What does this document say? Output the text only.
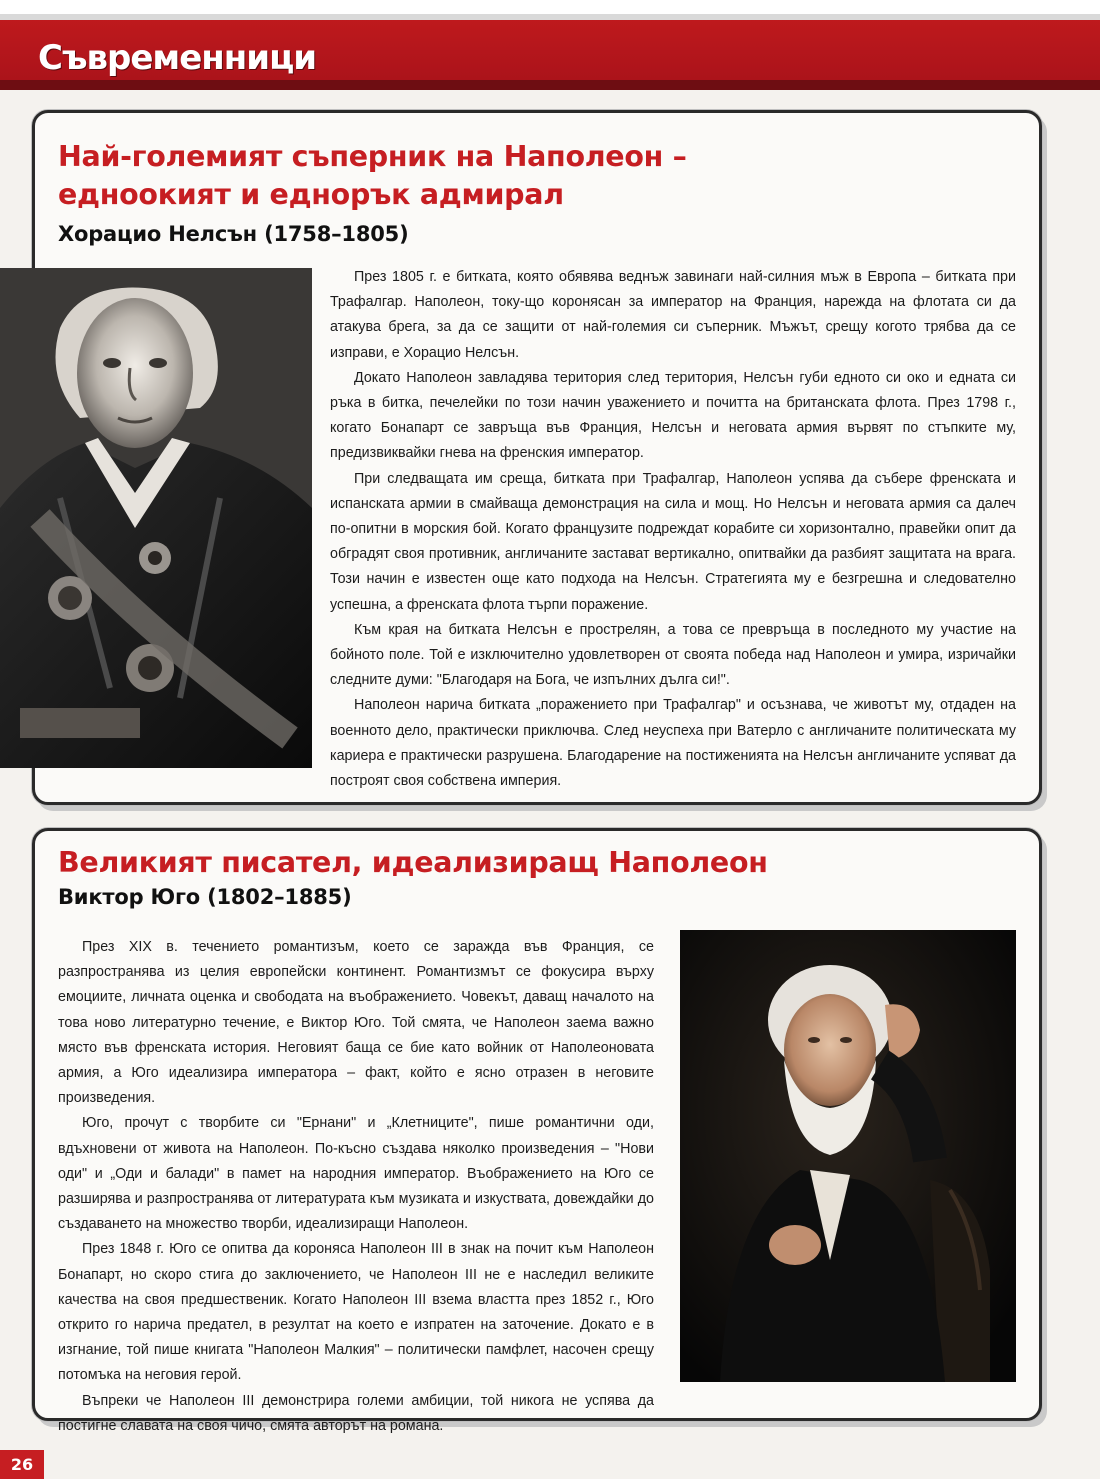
Съвременници
Най-големият съперник на Наполеон –
едноокият и еднорък адмирал
Хорацио Нелсън (1758–1805)

През 1805 г. е битката, която обявява веднъж завинаги най-силния мъж в Европа – битката при Трафалгар. Наполеон, току-що коронясан за император на Франция, нарежда на флотата си да атакува брега, за да се защити от най-големия си съперник. Мъжът, срещу когото трябва да се изправи, е Хорацио Нелсън.

Докато Наполеон завладява територия след територия, Нелсън губи едното си око и едната си ръка в битка, печелейки по този начин уважението и почитта на британската флота. През 1798 г., когато Бонапарт се завръща във Франция, Нелсън и неговата армия вървят по стъпките му, предизвиквайки гнева на френския император.

При следващата им среща, битката при Трафалгар, Наполеон успява да събере френската и испанската армии в смайваща демонстрация на сила и мощ. Но Нелсън и неговата армия са далеч по-опитни в морския бой. Когато французите подреждат корабите си хоризонтално, правейки опит да обградят своя противник, англичаните застават вертикално, опитвайки да разбият защитата на врага. Този начин е известен още като подхода на Нелсън. Стратегията му е безгрешна и следователно успешна, а френската флота търпи поражение.

Към края на битката Нелсън е прострелян, а това се превръща в последното му участие на бойното поле. Той е изключително удовлетворен от своята победа над Наполеон и умира, изричайки следните думи: "Благодаря на Бога, че изпълних дълга си!".

Наполеон нарича битката „поражението при Трафалгар" и осъзнава, че животът му, отдаден на военното дело, практически приключва. След неуспеха при Ватерло с англичаните политическата му кариера е практически разрушена. Благодарение на постиженията на Нелсън англичаните успяват да построят своя собствена империя.

Великият писател, идеализиращ Наполеон
Виктор Юго (1802–1885)

През XIX в. течението романтизъм, което се заражда във Франция, се разпространява из целия европейски континент. Романтизмът се фокусира върху емоциите, личната оценка и свободата на въображението. Човекът, даващ началото на това ново литературно течение, е Виктор Юго. Той смята, че Наполеон заема важно място във френската история. Неговият баща се бие като войник от Наполеоновата армия, а Юго идеализира императора – факт, който е ясно отразен в неговите произведения.

Юго, прочут с творбите си "Ернани" и „Клетниците", пише романтични оди, вдъхновени от живота на Наполеон. По-късно създава няколко произведения – "Нови оди" и „Оди и балади" в памет на народния император. Въображението на Юго се разширява и разпространява от литературата към музиката и изкуствата, довеждайки до създаването на множество творби, идеализиращи Наполеон.

През 1848 г. Юго се опитва да коронясa Наполеон III в знак на почит към Наполеон Бонапарт, но скоро стига до заключението, че Наполеон III не е наследил великите качества на своя предшественик. Когато Наполеон III взема властта през 1852 г., Юго открито го нарича предател, в резултат на което е изпратен на заточение. Докато е в изгнание, той пише книгата "Наполеон Малкия" – политически памфлет, насочен срещу потомъка на неговия герой.

Въпреки че Наполеон III демонстрира големи амбиции, той никога не успява да постигне славата на своя чичо, смята авторът на романа.

26
